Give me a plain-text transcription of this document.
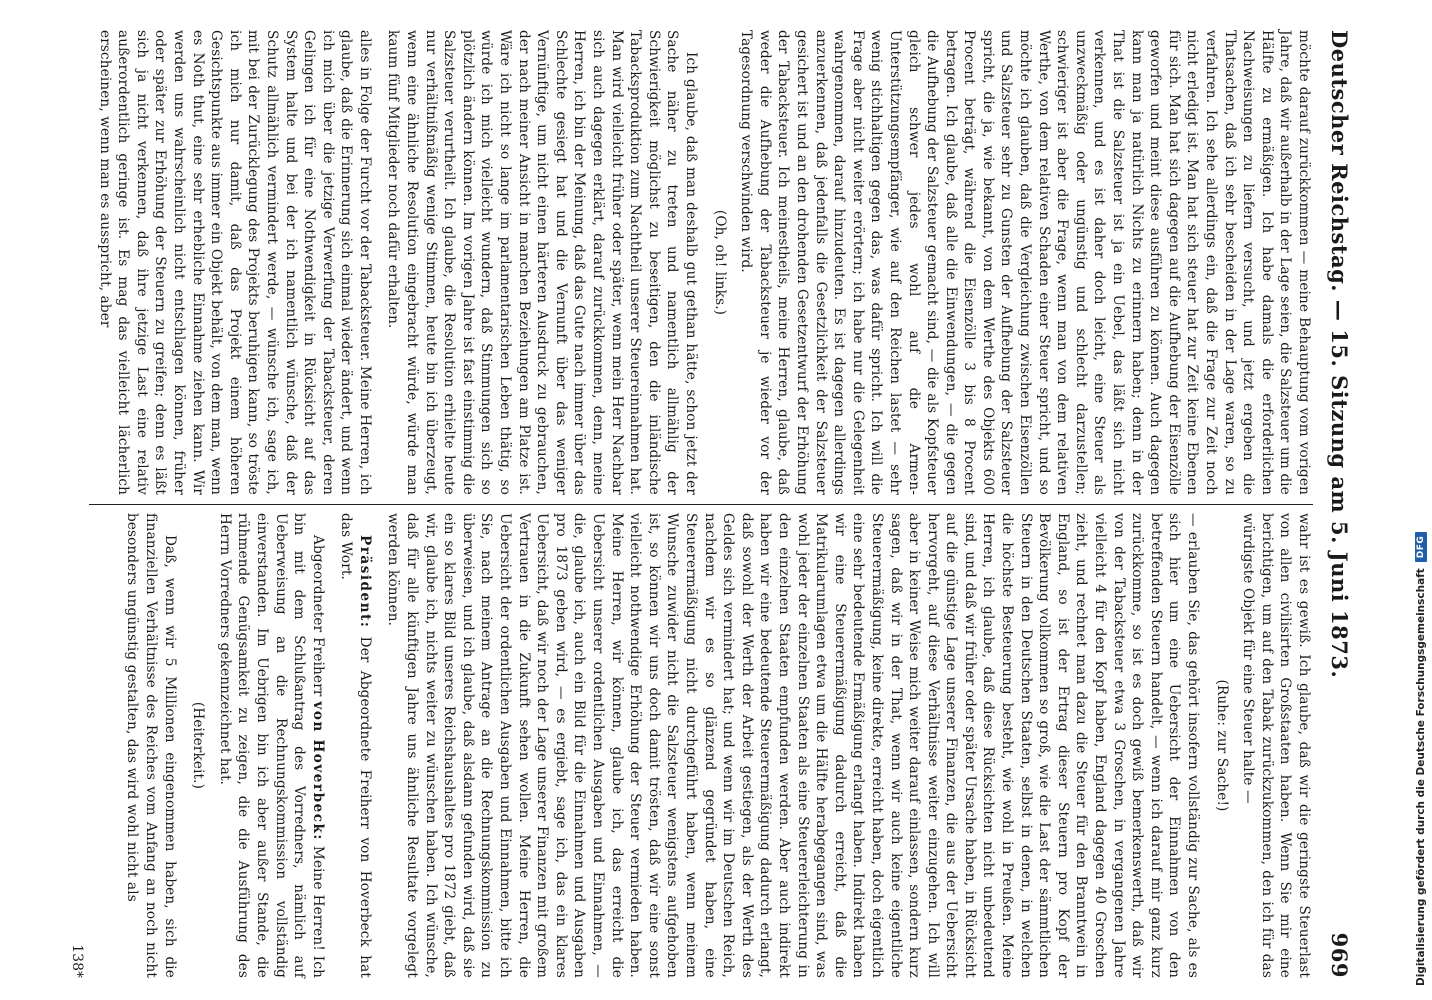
Deutscher Reichstag. — 15. Sitzung am 5. Juni 1873.
969

möchte darauf zurückkommen — meine Behauptung vom vorigen Jahre, daß wir außerhalb in der Lage seien, die Salzsteuer um die Hälfte zu ermäßigen. Ich habe damals die erforderlichen Nachweisungen zu liefern versucht, und jetzt ergeben die Thatsachen, daß ich sehr bescheiden in der Lage waren, so zu verfahren. Ich sehe allerdings ein, daß die Frage zur Zeit noch nicht erledigt ist. Man hat sich steuer hat zur Zeit keine Ebenen für sich. Man hat sich dagegen auf die Aufhebung der Eisenzölle geworfen und meint diese ausführen zu können. Auch dagegen kann man ja natürlich Nichts zu erinnern haben; denn in der That ist die Salzsteuer ist ja ein Uebel, das läßt sich nicht verkennen, und es ist daher doch leicht, eine Steuer als unzweckmäßig oder ungünstig und schlecht darzustellen; schwieriger ist aber die Frage, wenn man von dem relativen Werthe, von dem relativen Schaden einer Steuer spricht, und so möchte ich glauben, daß die Vergleichung zwischen Eisenzöllen und Salzsteuer sehr zu Gunsten der Aufhebung der Salzsteuer spricht, die ja, wie bekannt, von dem Werthe des Objekts 600 Procent beträgt, während die Eisenzölle 3 bis 8 Procent betragen. Ich glaube, daß alle die Einwendungen, — die gegen die Aufhebung der Salzsteuer gemacht sind, — die als Kopfsteuer gleich schwer jedes wohl auf die Armen-Unterstützungsempfänger, wie auf den Reichen lastet — sehr wenig stichhaltigen gegen das, was dafür spricht. Ich will die Frage aber nicht weiter erörtern; ich habe nur die Gelegenheit wahrgenommen, darauf hinzudeuten. Es ist dagegen allerdings anzuerkennen, daß jedenfalls die Gesetzlichkeit der Salzsteuer gesichert ist und an den drohenden Gesetzentwurf der Erhöhung der Tabacksteuer. Ich meinestheils, meine Herren, glaube, daß weder die Aufhebung der Tabacksteuer je wieder vor der Tagesordnung verschwinden wird.

(Oh, oh! links.)

Ich glaube, daß man deshalb gut gethan hätte, schon jetzt der Sache näher zu treten und namentlich allmählig der Schwierigkeit möglichst zu beseitigen, den die inländische Tabacksproduktion zum Nachtheil unserer Steuereinnahmen hat. Man wird vielleicht früher oder später, wenn mein Herr Nachbar sich auch dagegen erklärt, darauf zurückkommen, denn, meine Herren, ich bin der Meinung, daß das Gute nach immer über das Schlechte gesiegt hat und die Vernunft über das weniger Vernünftige, um nicht einen härteren Ausdruck zu gebrauchen, der nach meiner Ansicht in manchen Beziehungen am Platze ist. Wäre ich nicht so lange im parlamentarischen Leben thätig, so würde ich mich vielleicht wundern, daß Stimmungen sich so plötzlich ändern können. Im vorigen Jahre ist fast einstimmig die Salzsteuer verurtheilt. Ich glaube, die Resolution erhielte heute nur verhältnißmäßig wenige Stimmen, heute bin ich überzeugt, wenn eine ähnliche Resolution eingebracht würde, würde man kaum fünf Mitglieder noch dafür erhalten.

alles in Folge der Furcht vor der Tabacksteuer. Meine Herren, ich glaube, daß die Erinnerung sich einmal wieder ändert, und wenn ich mich über die jetzige Verwerfung der Tabacksteuer, deren Gelingen ich für eine Nothwendigkeit in Rücksicht auf das System halte und bei der ich namentlich wünsche, daß der Schutz allmählich vermindert werde, — wünsche ich, sage ich, mit bei der Zurücklegung des Projekts beruhigen kann, so tröste ich mich nur damit, daß das Projekt einem höheren Gesichtspunkte aus immer ein Objekt behält, von dem man, wenn es Noth thut, eine sehr erhebliche Einnahme ziehen kann. Wir werden uns wahrscheinlich nicht entschlagen können, früher oder später zur Erhöhung der Steuern zu greifen; denn es läßt sich ja nicht verkennen, daß ihre jetzige Last eine relativ außerordentlich geringe ist. Es mag das vielleicht lächerlich erscheinen, wenn man es ausspricht, aber

wahr ist es gewiß. Ich glaube, daß wir die geringste Steuerlast von allen civilisirten Großstaaten haben. Wenn Sie mir eine berichtigen, um auf den Tabak zurückzukommen, den ich für das würdigste Objekt für eine Steuer halte —

(Ruhe: zur Sache!)

— erlauben Sie, das gehört insofern vollständig zur Sache, als es sich hier um eine Uebersicht der Einnahmen von den betreffenden Steuern handelt, — wenn ich darauf mir ganz kurz zurückkomme, so ist es doch gewiß bemerkenswerth, daß wir von der Tabacksteuer etwa 3 Groschen, in vergangenen Jahre vielleicht 4 für den Kopf haben, England dagegen 40 Groschen zieht, und rechnet man dazu die Steuer für den Branntwein in England, so ist der Ertrag dieser Steuern pro Kopf der Bevölkerung vollkommen so groß, wie die Last der sämmtlichen Steuern in den Deutschen Staaten, selbst in denen, in welchen die höchste Besteuerung besteht, wie wohl in Preußen. Meine Herren, ich glaube, daß diese Rücksichten nicht unbedeutend sind, und daß wir früher oder später Ursache haben, in Rücksicht auf die günstige Lage unserer Finanzen, die aus der Uebersicht hervorgeht, auf diese Verhältnisse weiter einzugehen. Ich will aber in keiner Weise mich weiter darauf einlassen, sondern kurz sagen, daß wir in der That, wenn wir auch keine eigentliche Steuerermäßigung, keine direkte, erreicht haben, doch eigentlich eine sehr bedeutende Ermäßigung erlangt haben. Indirekt haben wir eine Steuerermäßigung dadurch erreicht, daß die Matrikularumlagen etwa um die Hälfte herabgegangen sind, was wohl jeder der einzelnen Staaten als eine Steuererleichterung in den einzelnen Staaten empfunden werden. Aber auch indirekt haben wir eine bedeutende Steuerermäßigung dadurch erlangt, daß sowohl der Werth der Arbeit gestiegen, als der Werth des Geldes sich vermindert hat; und wenn wir im Deutschen Reich, nachdem wir es so glänzend gegründet haben, eine Steuerermäßigung nicht durchgeführt haben, wenn meinem Wunsche zuwider nicht die Salzsteuer wenigstens aufgehoben ist, so können wir uns doch damit trösten, daß wir eine sonst vielleicht nothwendige Erhöhung der Steuer vermieden haben. Meine Herren, wir können, glaube ich, das erreicht die Uebersicht unserer ordentlichen Ausgaben und Einnahmen, — die, glaube ich, auch ein Bild für die Einnahmen und Ausgaben pro 1873 geben wird, — es ergiebt, sage ich, das ein klares Uebersicht, daß wir noch der Lage unserer Finanzen mit großem Vertrauen in die Zukunft sehen wollen. Meine Herren, die Uebersicht der ordentlichen Ausgaben und Einnahmen, bitte ich Sie, nach meinem Antrage an die Rechnungskommission zu überweisen, und ich glaube, daß alsdann gefunden wird, daß sie ein so klares Bild unseres Reichshaushaltes pro 1872 giebt, daß wir, glaube ich, nichts weiter zu wünschen haben. Ich wünsche, daß für alle künftigen Jahre uns ähnliche Resultate vorgelegt werden können.

Präsident: Der Abgeordnete Freiherr von Hoverbeck hat das Wort.

Abgeordneter Freiherr von Hoverbeck: Meine Herren! Ich bin mit dem Schlußantrag des Vorredners, nämlich auf Ueberweisung an die Rechnungskommission vollständig einverstanden. Im Uebrigen bin ich aber außer Stande, die rühmende Genügsamkeit zu zeigen, die die Ausführung des Herrn Vorredners gekennzeichnet hat.

(Heiterkeit.)

Daß, wenn wir 5 Millionen eingenommen haben, sich die finanziellen Verhältnisse des Reiches vom Anfang an noch nicht besonders ungünstig gestalten, das wird wohl nicht als

138*	Digitalisierung gefördert durch die Deutsche Forschungsgemeinschaft
DFG
